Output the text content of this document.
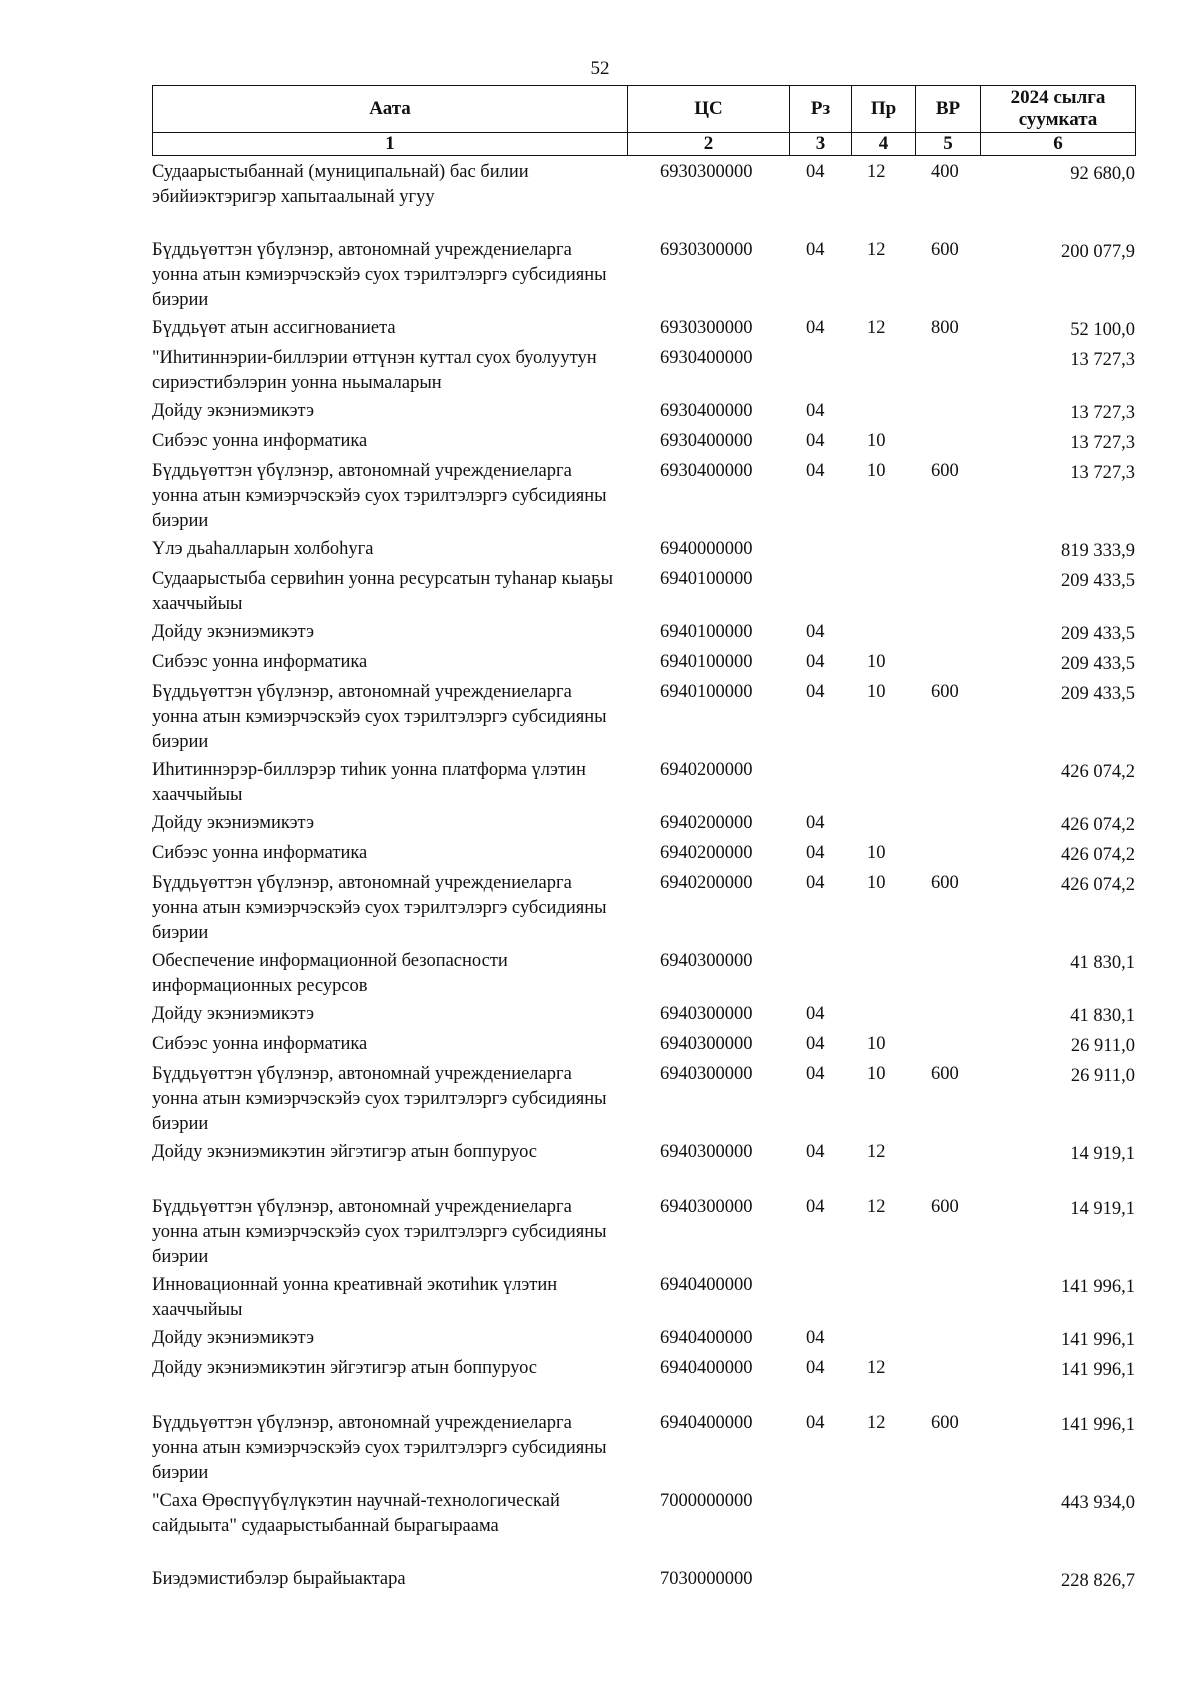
52
Аата	ЦС	Рз	Пр	ВР	2024 сылга суумката
1	2	3	4	5	6
Судаарыстыбаннай (муниципальнай) бас билии эбийиэктэригэр хапытаалынай угуу	6930300000	04	12	400	92 680,0
Бүддьүөттэн үбүлэнэр, автономнай учреждениеларга уонна атын кэмиэрчэскэйэ суох тэрилтэлэргэ субсидияны биэрии	6930300000	04	12	600	200 077,9
Бүддьүөт атын ассигнованиета	6930300000	04	12	800	52 100,0
"Иһитиннэрии-биллэрии өттүнэн куттал суох буолуутун сириэстибэлэрин уонна ньымаларын	6930400000				13 727,3
Дойду экэниэмикэтэ	6930400000	04			13 727,3
Сибээс уонна информатика	6930400000	04	10		13 727,3
Бүддьүөттэн үбүлэнэр, автономнай учреждениеларга уонна атын кэмиэрчэскэйэ суох тэрилтэлэргэ субсидияны биэрии	6930400000	04	10	600	13 727,3
Үлэ дьаһалларын холбоһуга	6940000000				819 333,9
Судаарыстыба сервиһин уонна ресурсатын туһанар кыаҕы хааччыйыы	6940100000				209 433,5
Дойду экэниэмикэтэ	6940100000	04			209 433,5
Сибээс уонна информатика	6940100000	04	10		209 433,5
Бүддьүөттэн үбүлэнэр, автономнай учреждениеларга уонна атын кэмиэрчэскэйэ суох тэрилтэлэргэ субсидияны биэрии	6940100000	04	10	600	209 433,5
Иһитиннэрэр-биллэрэр тиһик уонна платформа үлэтин хааччыйыы	6940200000				426 074,2
Дойду экэниэмикэтэ	6940200000	04			426 074,2
Сибээс уонна информатика	6940200000	04	10		426 074,2
Бүддьүөттэн үбүлэнэр, автономнай учреждениеларга уонна атын кэмиэрчэскэйэ суох тэрилтэлэргэ субсидияны биэрии	6940200000	04	10	600	426 074,2
Обеспечение информационной безопасности информационных ресурсов	6940300000				41 830,1
Дойду экэниэмикэтэ	6940300000	04			41 830,1
Сибээс уонна информатика	6940300000	04	10		26 911,0
Бүддьүөттэн үбүлэнэр, автономнай учреждениеларга уонна атын кэмиэрчэскэйэ суох тэрилтэлэргэ субсидияны биэрии	6940300000	04	10	600	26 911,0
Дойду экэниэмикэтин эйгэтигэр атын боппуруос	6940300000	04	12		14 919,1
Бүддьүөттэн үбүлэнэр, автономнай учреждениеларга уонна атын кэмиэрчэскэйэ суох тэрилтэлэргэ субсидияны биэрии	6940300000	04	12	600	14 919,1
Инновационнай уонна креативнай экотиһик үлэтин хааччыйыы	6940400000				141 996,1
Дойду экэниэмикэтэ	6940400000	04			141 996,1
Дойду экэниэмикэтин эйгэтигэр атын боппуруос	6940400000	04	12		141 996,1
Бүддьүөттэн үбүлэнэр, автономнай учреждениеларга уонна атын кэмиэрчэскэйэ суох тэрилтэлэргэ субсидияны биэрии	6940400000	04	12	600	141 996,1
"Саха Өрөспүүбүлүкэтин научнай-технологическай сайдыыта" судаарыстыбаннай бырагыраама	7000000000				443 934,0
Биэдэмистибэлэр бырайыактара	7030000000				228 826,7
